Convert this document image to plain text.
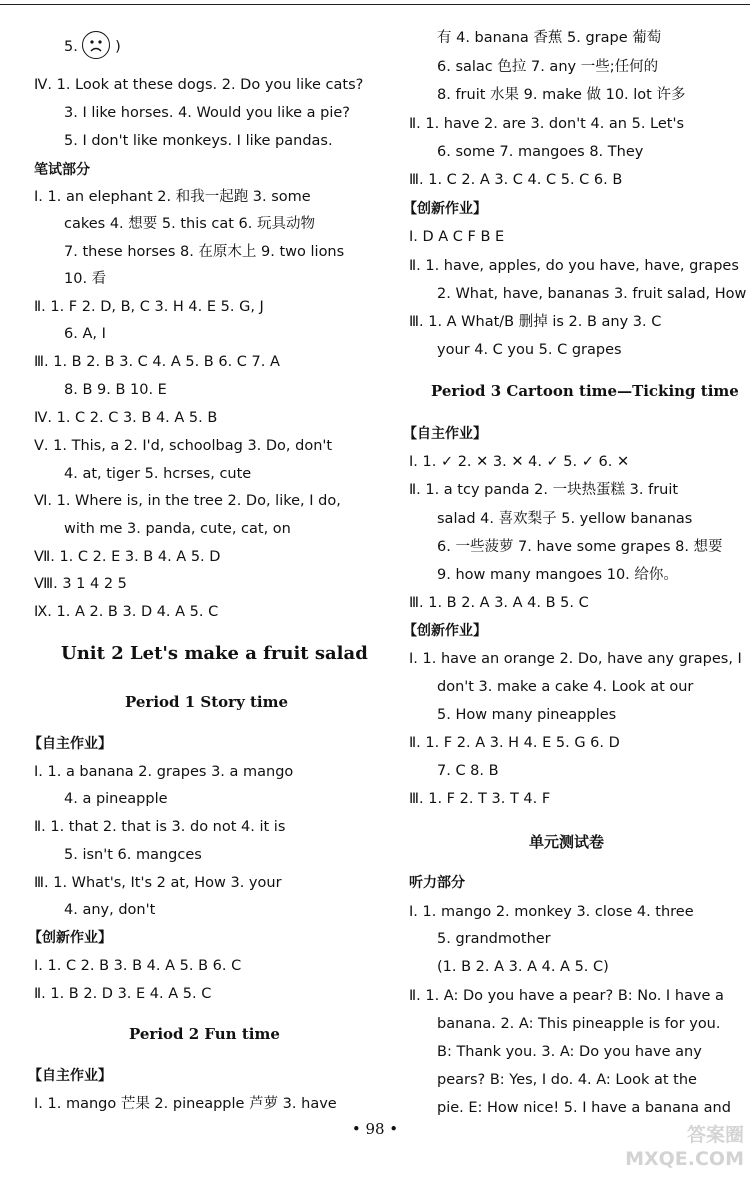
5.	)
Ⅳ. 1. Look at these dogs. 2. Do you like cats?
3. I like horses. 4. Would you like a pie?
5. I don't like monkeys. I like pandas.
笔试部分
Ⅰ. 1. an elephant 2. 和我一起跑 3. some
cakes 4. 想要 5. this cat 6. 玩具动物
7. these horses 8. 在原木上 9. two lions
10. 看
Ⅱ. 1. F 2. D, B, C 3. H 4. E 5. G, J
6. A, I
Ⅲ. 1. B 2. B 3. C 4. A 5. B 6. C 7. A
8. B 9. B 10. E
Ⅳ. 1. C 2. C 3. B 4. A 5. B
Ⅴ. 1. This, a 2. I'd, schoolbag 3. Do, don't
4. at, tiger 5. hcrses, cute
Ⅵ. 1. Where is, in the tree 2. Do, like, I do,
with me 3. panda, cute, cat, on
Ⅶ. 1. C 2. E 3. B 4. A 5. D
Ⅷ. 3 1 4 2 5
Ⅸ. 1. A 2. B 3. D 4. A 5. C
Unit 2 Let's make a fruit salad
Period 1 Story time
【自主作业】
Ⅰ. 1. a banana 2. grapes 3. a mango
4. a pineapple
Ⅱ. 1. that 2. that is 3. do not 4. it is
5. isn't 6. mangces
Ⅲ. 1. What's, It's 2 at, How 3. your
4. any, don't
【创新作业】
Ⅰ. 1. C 2. B 3. B 4. A 5. B 6. C
Ⅱ. 1. B 2. D 3. E 4. A 5. C
Period 2 Fun time
【自主作业】
Ⅰ. 1. mango 芒果 2. pineapple 芦萝 3. have
有 4. banana 香蕉 5. grape 葡萄
6. salac 色拉 7. any 一些;任何的
8. fruit 水果 9. make 做 10. lot 许多
Ⅱ. 1. have 2. are 3. don't 4. an 5. Let's
6. some 7. mangoes 8. They
Ⅲ. 1. C 2. A 3. C 4. C 5. C 6. B
【创新作业】
Ⅰ. D A C F B E
Ⅱ. 1. have, apples, do you have, have, grapes
2. What, have, bananas 3. fruit salad, How
Ⅲ. 1. A What/B 删掉 is 2. B any 3. C
your 4. C you 5. C grapes
Period 3 Cartoon time—Ticking time
【自主作业】
Ⅰ. 1. ✓ 2. ✕ 3. ✕ 4. ✓ 5. ✓ 6. ✕
Ⅱ. 1. a tcy panda 2. 一块热蛋糕 3. fruit
salad 4. 喜欢梨子 5. yellow bananas
6. 一些菠萝 7. have some grapes 8. 想要
9. how many mangoes 10. 给你。
Ⅲ. 1. B 2. A 3. A 4. B 5. C
【创新作业】
Ⅰ. 1. have an orange 2. Do, have any grapes, I
don't 3. make a cake 4. Look at our
5. How many pineapples
Ⅱ. 1. F 2. A 3. H 4. E 5. G 6. D
7. C 8. B
Ⅲ. 1. F 2. T 3. T 4. F
单元测试卷
听力部分
Ⅰ. 1. mango 2. monkey 3. close 4. three
5. grandmother
(1. B 2. A 3. A 4. A 5. C)
Ⅱ. 1. A: Do you have a pear? B: No. I have a
banana. 2. A: This pineapple is for you.
B: Thank you. 3. A: Do you have any
pears? B: Yes, I do. 4. A: Look at the
pie. E: How nice! 5. I have a banana and
• 98 •	答案圈
MXQE.COM
